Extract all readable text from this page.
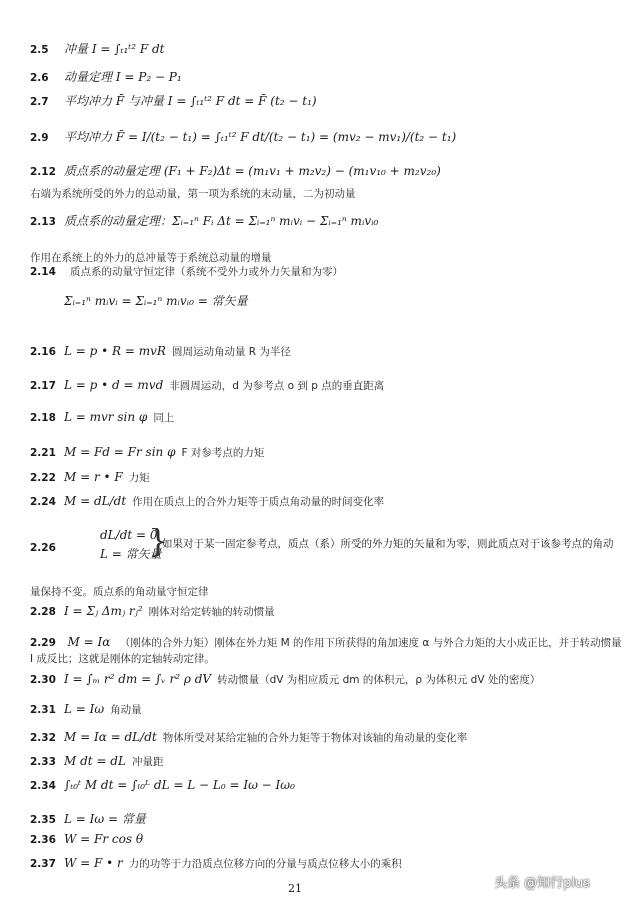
2.5 冲量 I = ∫ₜ₁ᵗ² F dt
2.6 动量定理 I = P₂ − P₁
2.7 平均冲力 F̄ 与冲量 I = ∫ₜ₁ᵗ² F dt = F̄ (t₂ − t₁)
2.9 平均冲力 F̄ = I/(t₂ − t₁) = ∫ₜ₁ᵗ² F dt/(t₂ − t₁) = (mv₂ − mv₁)/(t₂ − t₁)
2.12 质点系的动量定理 (F₁ + F₂)Δt = (m₁v₁ + m₂v₂) − (m₁v₁₀ + m₂v₂₀)
2.13 质点系的动量定理：Σᵢ₌₁ⁿ Fᵢ Δt = Σᵢ₌₁ⁿ mᵢvᵢ − Σᵢ₌₁ⁿ mᵢvᵢ₀
2.14 质点系的动量守恒定律（系统不受外力或外力矢量和为零）
Σᵢ₌₁ⁿ mᵢvᵢ = Σᵢ₌₁ⁿ mᵢvᵢ₀ = 常矢量
2.16 L = p • R = mvR 圆周运动角动量 R 为半径
2.17 L = p • d = mvd 非圆周运动，d 为参考点 o 到 p 点的垂直距离
2.18 L = mvr sin φ 同上
2.21 M = Fd = Fr sin φ F 对参考点的力矩
2.22 M = r • F 力矩
2.24 M = dL/dt 作用在质点上的合外力矩等于质点角动量的时间变化率
2.28 I = Σⱼ Δmⱼ rⱼ² 刚体对给定转轴的转动惯量
2.30 I = ∫ₘ r² dm = ∫ᵥ r² ρ dV 转动惯量（dV 为相应质元 dm 的体积元，ρ 为体积元 dV 处的密度）
2.31 L = Iω 角动量
2.32 M = Iα = dL/dt 物体所受对某给定轴的合外力矩等于物体对该轴的角动量的变化率
2.33 M dt = dL 冲量距
2.34 ∫ₜ₀ᵗ M dt = ∫ₗ₀ᴸ dL = L − L₀ = Iω − Iω₀
2.35 L = Iω = 常量
2.36 W = Fr cos θ
2.37 W = F • r 力的功等于力沿质点位移方向的分量与质点位移大小的乘积
右端为系统所受的外力的总动量，第一项为系统的末动量，二为初动量
作用在系统上的外力的总冲量等于系统总动量的增量
2.26
dL/dt = 0
L = 常矢量
}
如果对于某一固定参考点，质点（系）所受的外力矩的矢量和为零，则此质点对于该参考点的角动
量保持不变。质点系的角动量守恒定律
2.29 M = Iα （刚体的合外力矩）刚体在外力矩 M 的作用下所获得的角加速度 α 与外合力矩的大小成正比，并于转动惯量 I 成反比；这就是刚体的定轴转动定律。
21	头条 @知行plus
